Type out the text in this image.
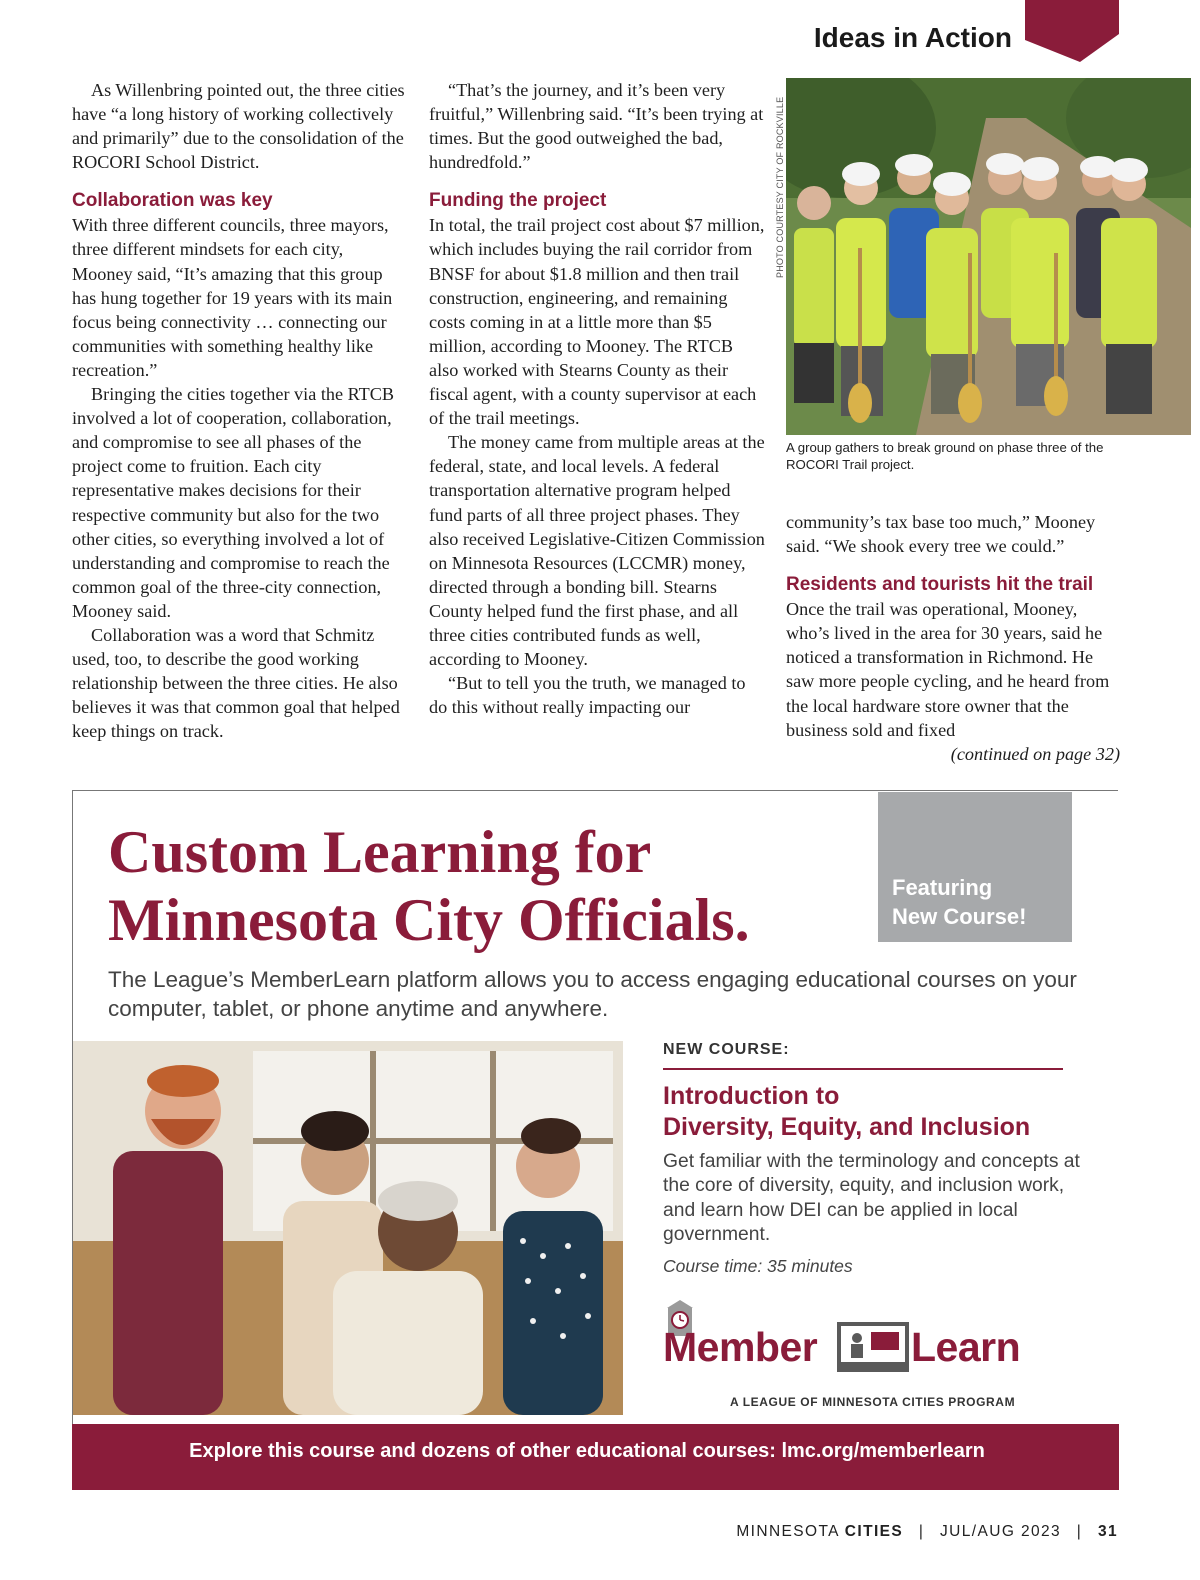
Ideas in Action

As Willenbring pointed out, the three cities have “a long history of working collectively and primarily” due to the consolidation of the ROCORI School District.

Collaboration was key

With three different councils, three mayors, three different mindsets for each city, Mooney said, “It’s amazing that this group has hung together for 19 years with its main focus being connectivity … connecting our communities with something healthy like recreation.”

Bringing the cities together via the RTCB involved a lot of cooperation, collaboration, and compromise to see all phases of the project come to fruition. Each city representative makes decisions for their respective community but also for the two other cities, so everything involved a lot of understanding and compromise to reach the common goal of the three-city connection, Mooney said.

Collaboration was a word that Schmitz used, too, to describe the good working relationship between the three cities. He also believes it was that common goal that helped keep things on track.

“That’s the journey, and it’s been very fruitful,” Willenbring said. “It’s been trying at times. But the good outweighed the bad, hundredfold.”

Funding the project

In total, the trail project cost about $7 million, which includes buying the rail corridor from BNSF for about $1.8 million and then trail construction, engineering, and remaining costs coming in at a little more than $5 million, according to Mooney. The RTCB also worked with Stearns County as their fiscal agent, with a county supervisor at each of the trail meetings.

The money came from multiple areas at the federal, state, and local levels. A federal transportation alternative program helped fund parts of all three project phases. They also received Legislative-Citizen Commission on Minnesota Resources (LCCMR) money, directed through a bonding bill. Stearns County helped fund the first phase, and all three cities contributed funds as well, according to Mooney.

“But to tell you the truth, we managed to do this without really impacting our

PHOTO COURTESY CITY OF ROCKVILLE
A group gathers to break ground on phase three of the ROCORI Trail project.

community’s tax base too much,” Mooney said. “We shook every tree we could.”

Residents and tourists hit the trail

Once the trail was operational, Mooney, who’s lived in the area for 30 years, said he noticed a transformation in Richmond. He saw more people cycling, and he heard from the local hardware store owner that the business sold and fixed

(continued on page 32)

Featuring
New Course!
Custom Learning for
Minnesota City Officials.
The League’s MemberLearn platform allows you to access engaging educational courses on your computer, tablet, or phone anytime and anywhere.
NEW COURSE:
Introduction to
Diversity, Equity, and Inclusion
Get familiar with the terminology and concepts at the core of diversity, equity, and inclusion work, and learn how DEI can be applied in local government.
Course time: 35 minutes
Member Learn
A LEAGUE OF MINNESOTA CITIES PROGRAM
Explore this course and dozens of other educational courses: lmc.org/memberlearn
MINNESOTA CITIES | JUL/AUG 2023 | 31
